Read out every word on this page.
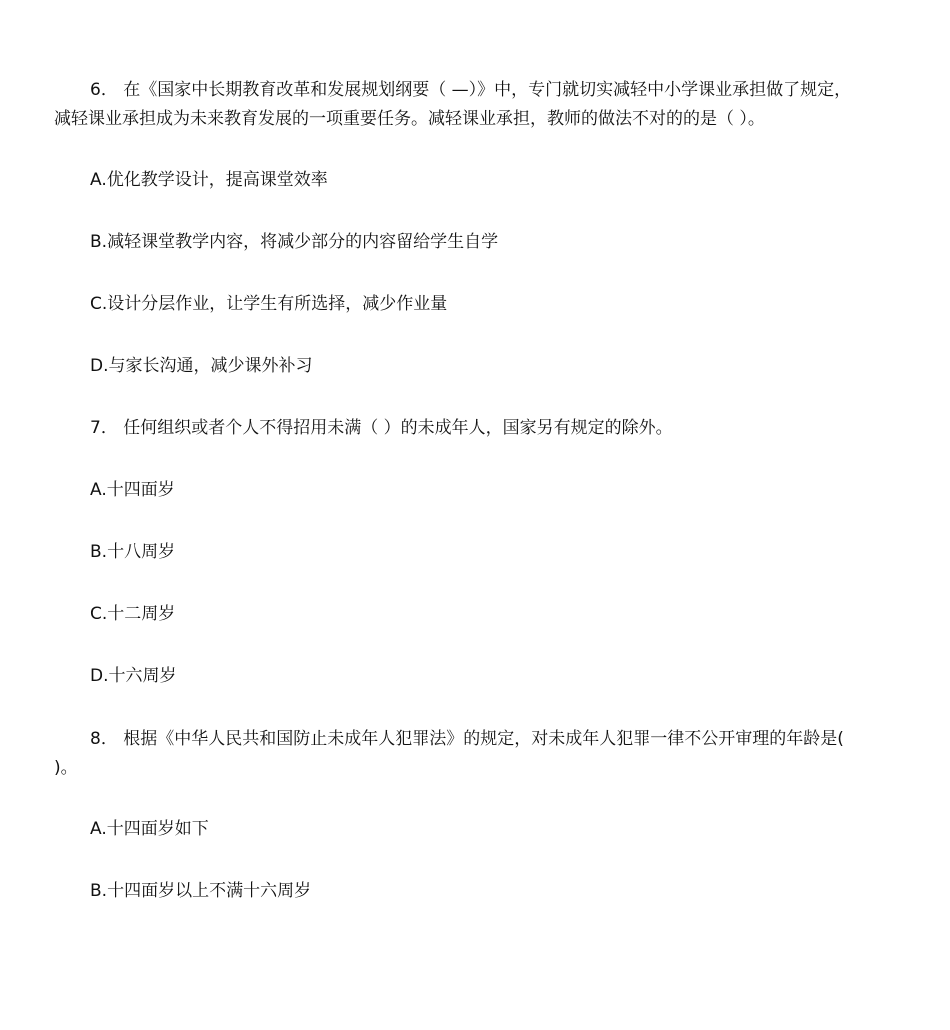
6． 在《国家中长期教育改革和发展规划纲要（ —）》中，专门就切实减轻中小学课业承担做了规定，
减轻课业承担成为未来教育发展的一项重要任务。减轻课业承担，教师的做法不对的的是（ ）。
A.优化教学设计，提高课堂效率
B.减轻课堂教学内容，将减少部分的内容留给学生自学
C.设计分层作业，让学生有所选择，减少作业量
D.与家长沟通，减少课外补习
7． 任何组织或者个人不得招用未满（ ）的未成年人，国家另有规定的除外。
A.十四面岁
B.十八周岁
C.十二周岁
D.十六周岁
8． 根据《中华人民共和国防止未成年人犯罪法》的规定，对未成年人犯罪一律不公开审理的年龄是(
)。
A.十四面岁如下
B.十四面岁以上不满十六周岁
